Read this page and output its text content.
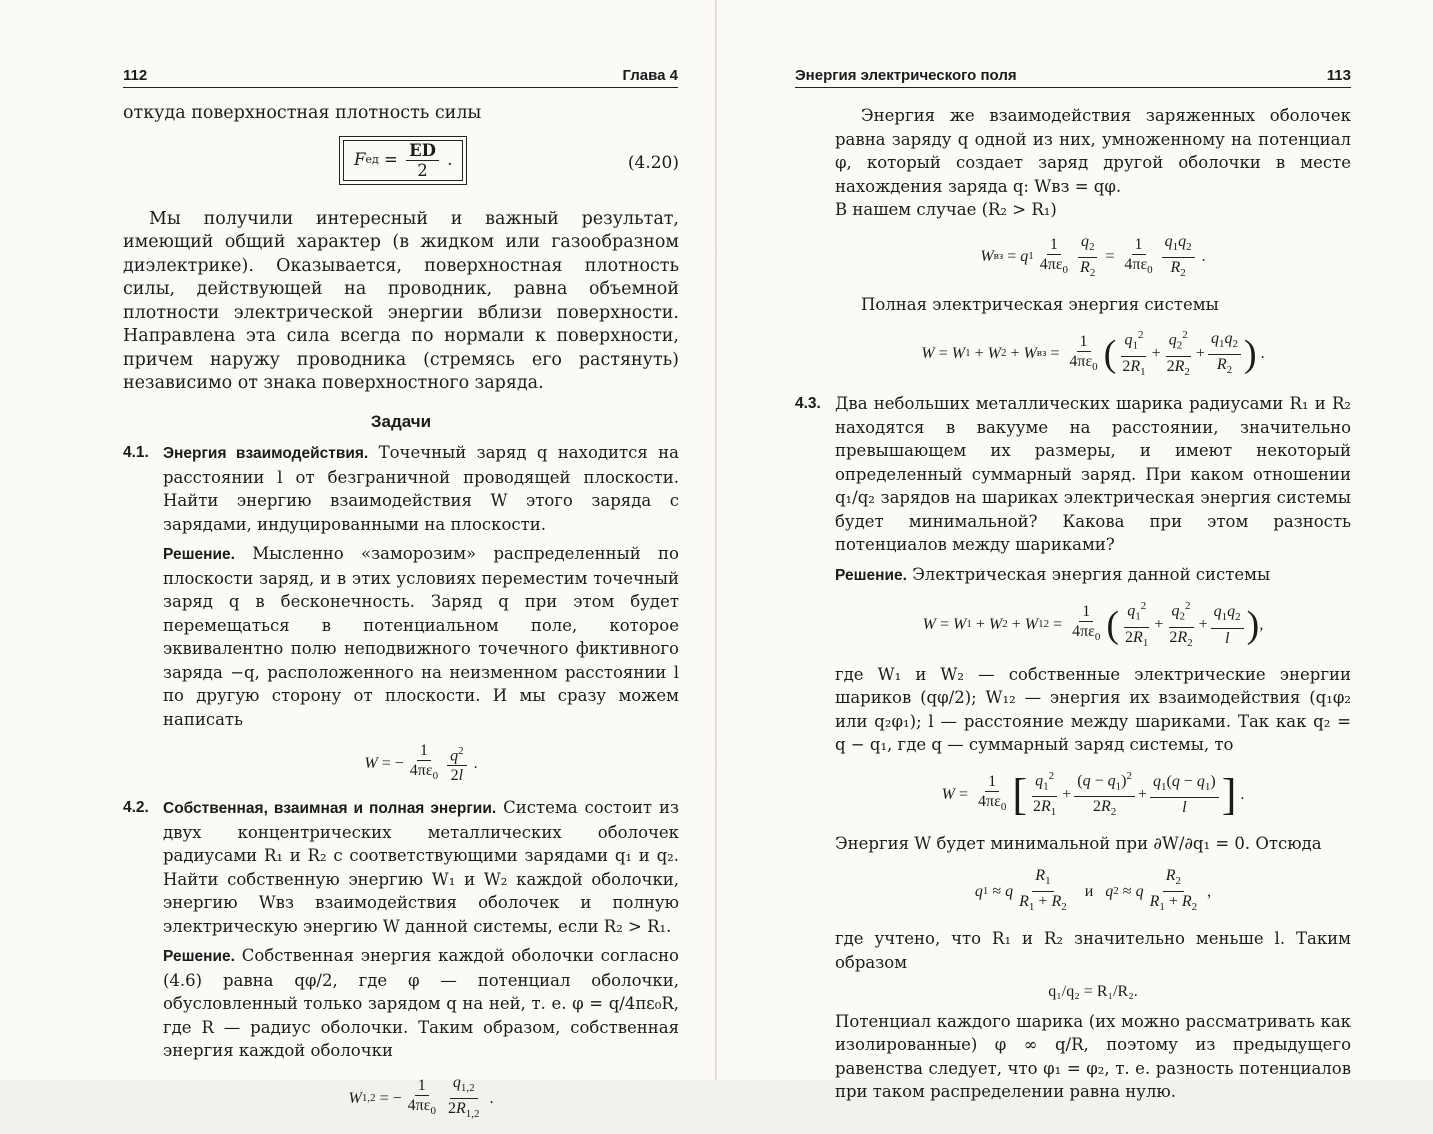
112	Глава 4

откуда поверхностная плотность силы

F ед = $\frac{ED}{2}$ .	(4.20)

Мы получили интересный и важный результат, имеющий общий характер (в жидком или газообразном диэлектрике). Оказывается, поверхностная плотность силы, действующей на проводник, равна объемной плотности электрической энергии вблизи поверхности. Направлена эта сила всегда по нормали к поверхности, причем наружу проводника (стремясь его растянуть) независимо от знака поверхностного заряда.

Задачи
4.1. Энергия взаимодействия. Точечный заряд q находится на расстоянии l от безграничной проводящей плоскости. Найти энергию взаимодействия W этого заряда с зарядами, индуцированными на плоскости.

Решение. Мысленно «заморозим» распределенный по плоскости заряд, и в этих условиях переместим точечный заряд q в бесконечность. Заряд q при этом будет перемещаться в потенциальном поле, которое эквивалентно полю неподвижного точечного фиктивного заряда −q, расположенного на неизменном расстоянии l по другую сторону от плоскости. И мы сразу можем написать

W = − $\frac{1}{4\pi\varepsilon_0} \frac{q^2}{2l}$ .
4.2. Собственная, взаимная и полная энергии. Система состоит из двух концентрических металлических оболочек радиусами R₁ и R₂ с соответствующими зарядами q₁ и q₂. Найти собственную энергию W₁ и W₂ каждой оболочки, энергию Wвз взаимодействия оболочек и полную электрическую энергию W данной системы, если R₂ > R₁.

Решение. Собственная энергия каждой оболочки согласно (4.6) равна qφ/2, где φ — потенциал оболочки, обусловленный только зарядом q на ней, т. е. φ = q/4πε₀R, где R — радиус оболочки. Таким образом, собственная энергия каждой оболочки

W 1,2 = − $\frac{1}{4\pi\varepsilon_0} \frac{q_{1,2}}{2R_{1,2}}$ .
Энергия электрического поля	113

Энергия же взаимодействия заряженных оболочек равна заряду q одной из них, умноженному на потенциал φ, который создает заряд другой оболочки в месте нахождения заряда q: Wвз = qφ.

В нашем случае (R₂ > R₁)

W вз = q $1 \frac{1}{4\pi\varepsilon_0} \frac{q_2}{R_2} = \frac{1}{4\pi\varepsilon_0} \frac{q_1q_2}{R_2}$ .

Полная электрическая энергия системы

W = W 1 + W 2 + W вз = $\frac{1}{4\pi\varepsilon_0}$ ( $\frac{q_1^2}{2R_1} + \frac{q_2^2}{2R_2} + \frac{q_1q_2}{R_2}$ ) .
4.3. Два небольших металлических шарика радиусами R₁ и R₂ находятся в вакууме на расстоянии, значительно превышающем их размеры, и имеют некоторый определенный суммарный заряд. При каком отношении q₁/q₂ зарядов на шариках электрическая энергия системы будет минимальной? Какова при этом разность потенциалов между шариками?

Решение. Электрическая энергия данной системы

W = W 1 + W 2 + W $12 = \frac{1}{4\pi\varepsilon_0}$ ( $\frac{q_1^2}{2R_1} + \frac{q_2^2}{2R_2} + \frac{q_1q_2}{l}$ ) ,

где W₁ и W₂ — собственные электрические энергии шариков (qφ/2); W₁₂ — энергия их взаимодействия (q₁φ₂ или q₂φ₁); l — расстояние между шариками. Так как q₂ = q − q₁, где q — суммарный заряд системы, то

$W = \frac{1}{4\pi\varepsilon_0}$ [ $\frac{q_1^2}{2R_1} + \frac{(q - q_1)^2}{2R_2} + \frac{q_1(q - q_1)}{l}$ ] .

Энергия W будет минимальной при ∂W/∂q₁ = 0. Отсюда

q 1 ≈ q $\frac{R_1}{R_1 + R_2}$ и q 2 ≈ q $\frac{R_2}{R_1 + R_2}$ ,

где учтено, что R₁ и R₂ значительно меньше l. Таким образом

q₁/q₂ = R₁/R₂.

Потенциал каждого шарика (их можно рассматривать как изолированные) φ ∞ q/R, поэтому из предыдущего равенства следует, что φ₁ = φ₂, т. е. разность потенциалов при таком распределении равна нулю.
